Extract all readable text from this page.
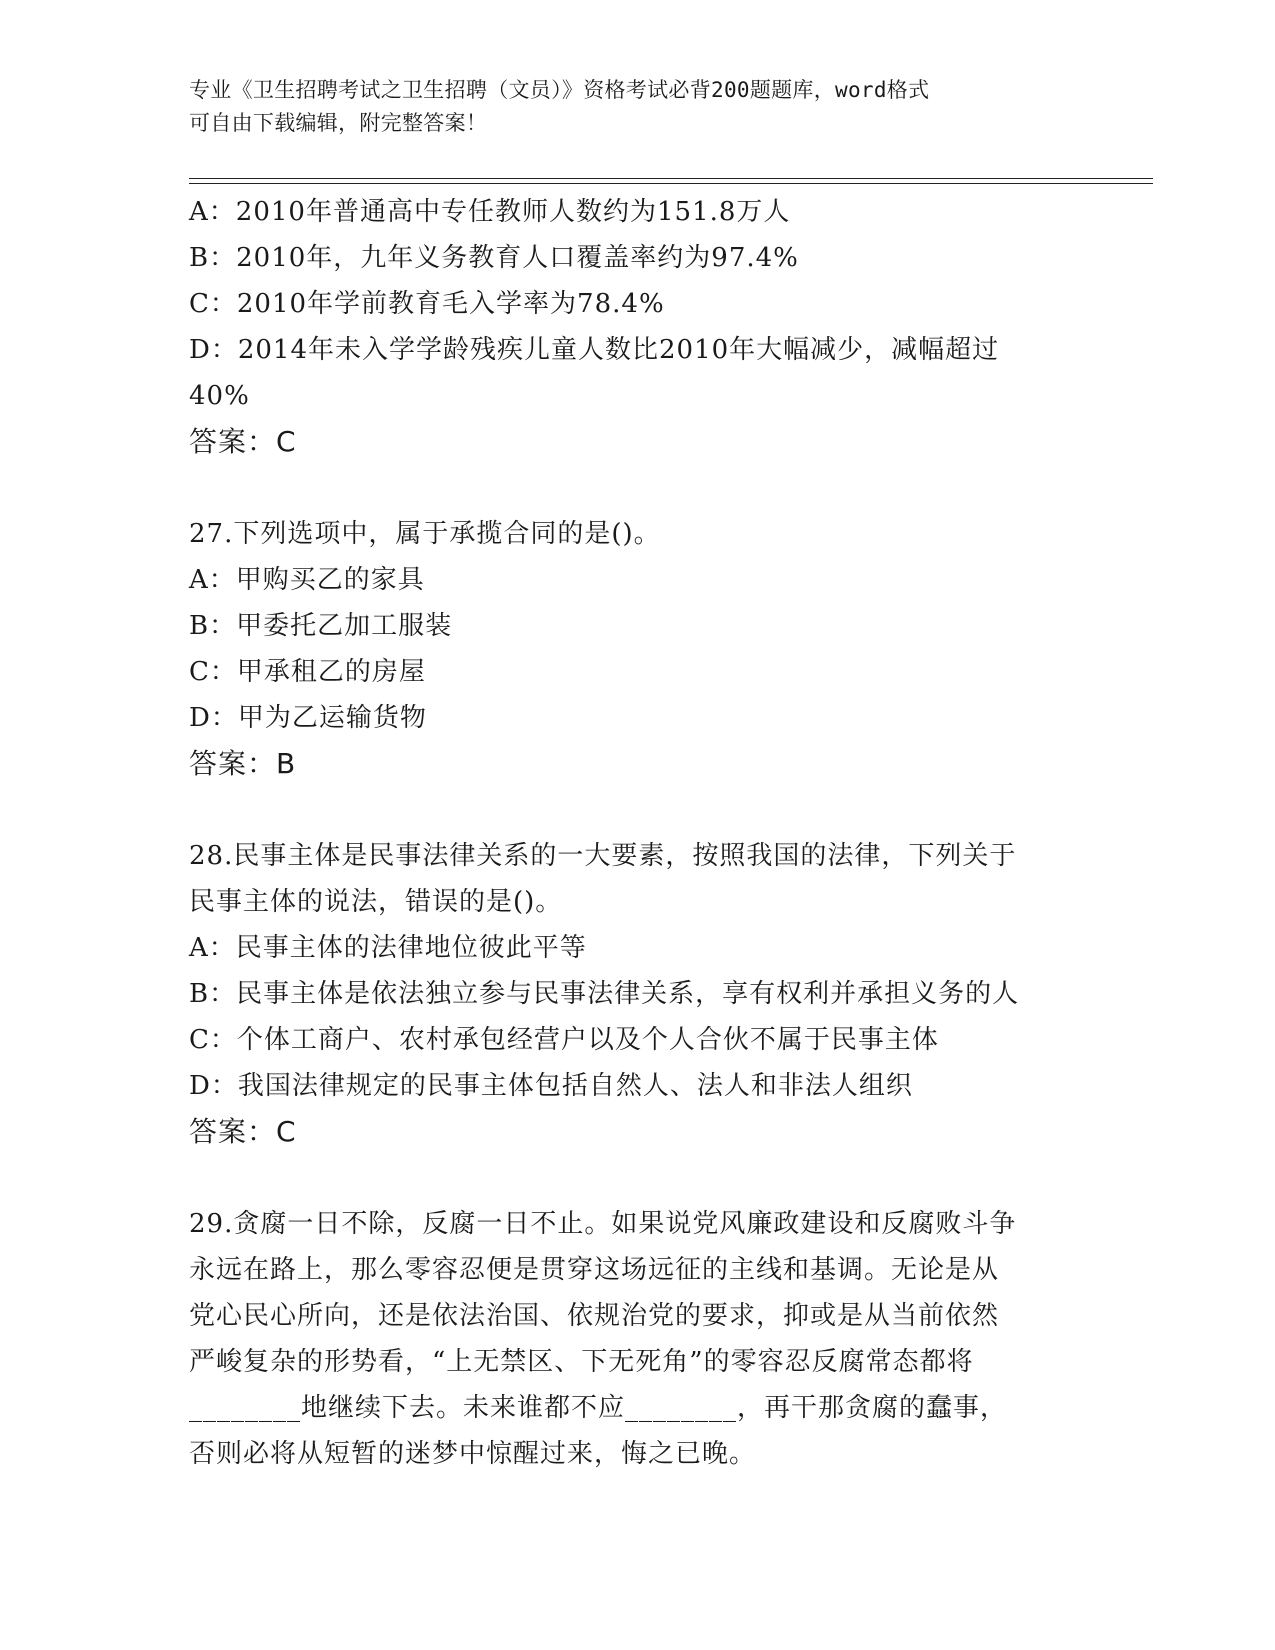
专业《卫生招聘考试之卫生招聘（文员）》资格考试必背200题题库，word格式
可自由下载编辑，附完整答案！
A：2010年普通高中专任教师人数约为151.8万人
B：2010年，九年义务教育人口覆盖率约为97.4%
C：2010年学前教育毛入学率为78.4%
D：2014年未入学学龄残疾儿童人数比2010年大幅减少，减幅超过
40%
答案：C
27.下列选项中，属于承揽合同的是()。
A：甲购买乙的家具
B：甲委托乙加工服装
C：甲承租乙的房屋
D：甲为乙运输货物
答案：B
28.民事主体是民事法律关系的一大要素，按照我国的法律，下列关于
民事主体的说法，错误的是()。
A：民事主体的法律地位彼此平等
B：民事主体是依法独立参与民事法律关系，享有权利并承担义务的人
C：个体工商户、农村承包经营户以及个人合伙不属于民事主体
D：我国法律规定的民事主体包括自然人、法人和非法人组织
答案：C
29.贪腐一日不除，反腐一日不止。如果说党风廉政建设和反腐败斗争
永远在路上，那么零容忍便是贯穿这场远征的主线和基调。无论是从
党心民心所向，还是依法治国、依规治党的要求，抑或是从当前依然
严峻复杂的形势看，“上无禁区、下无死角”的零容忍反腐常态都将
________地继续下去。未来谁都不应________，再干那贪腐的蠢事，
否则必将从短暂的迷梦中惊醒过来，悔之已晚。
